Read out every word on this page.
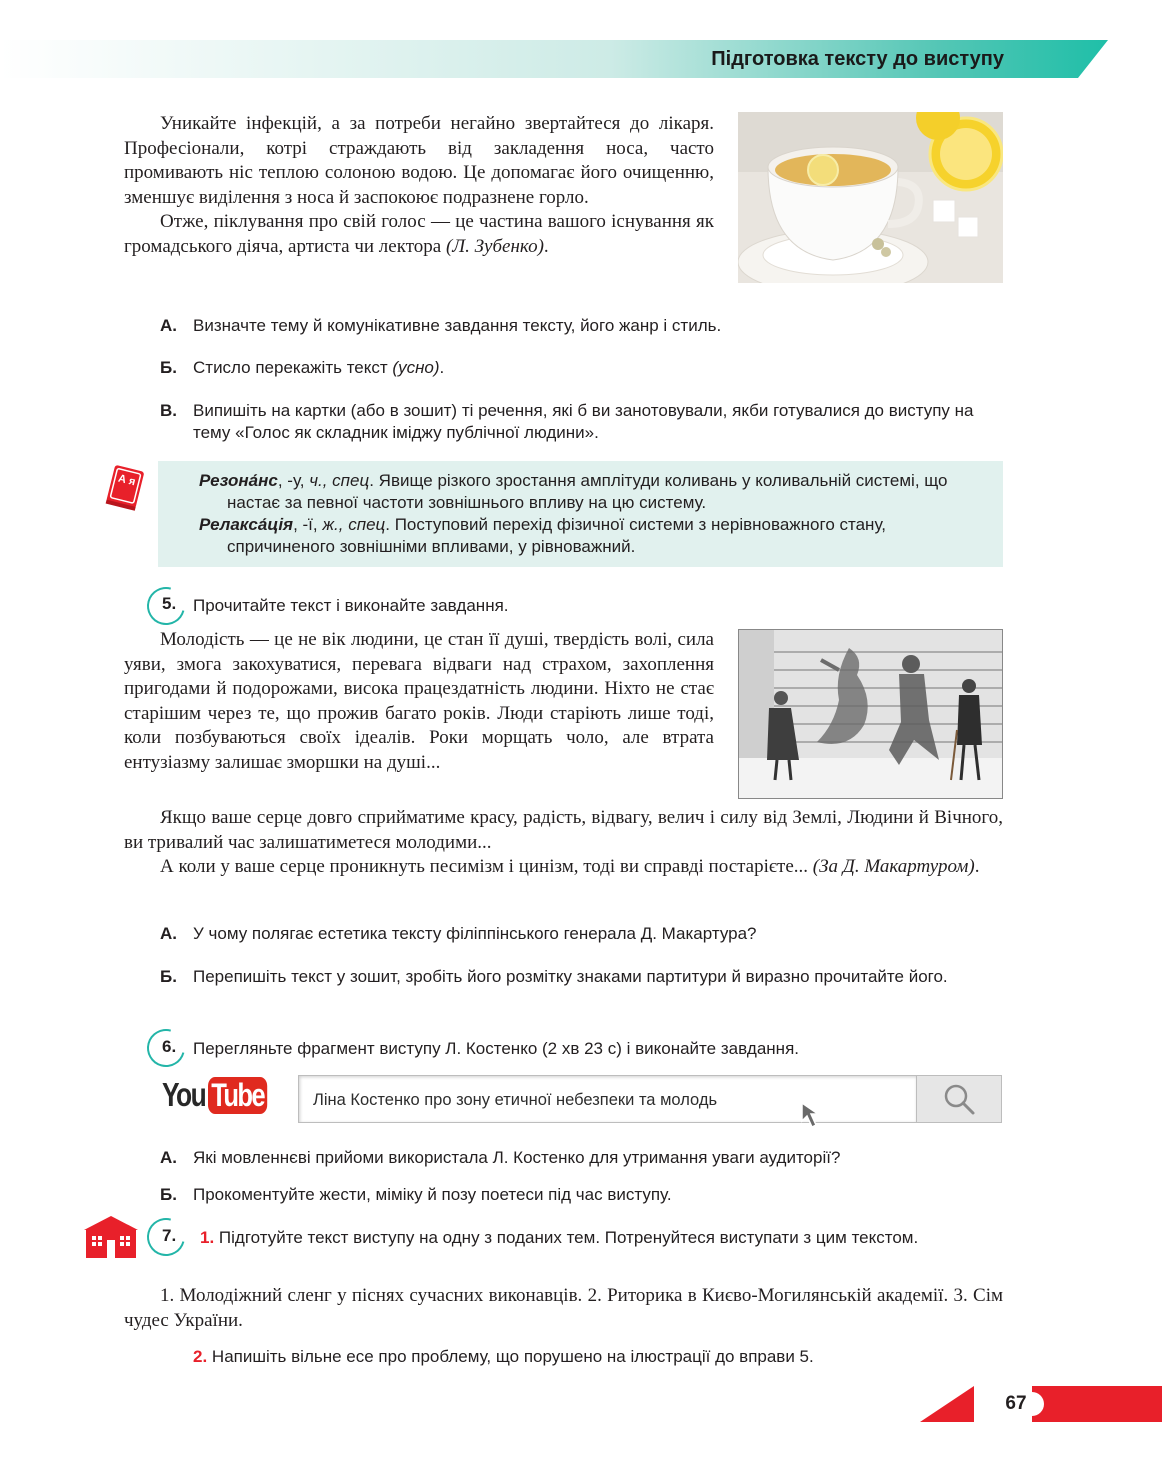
Підготовка тексту до виступу

Уникайте інфекцій, а за потреби негайно звертайтеся до лікаря. Професіонали, котрі страждають від закладення носа, часто промивають ніс теплою солоною водою. Це допомагає його очищенню, зменшує виділення з носа й заспокоює подразнене горло.

Отже, піклування про свій голос — це частина вашого існування як громадського діяча, артиста чи лектора (Л. Зубенко).

А. Визначте тему й комунікативне завдання тексту, його жанр і стиль.
Б. Стисло перекажіть текст (усно).
В. Випишіть на картки (або в зошит) ті речення, які б ви занотовували, якби готувалися до виступу на тему «Голос як складник іміджу публічної людини».
А я	Резона́нс, -у, ч., спец. Явище різкого зростання амплітуди коливань у коливальній системі, що настає за певної частоти зовнішнього впливу на цю систему.
Релакса́ція, -ї, ж., спец. Поступовий перехід фізичної системи з нерівноважного стану, спричиненого зовнішніми впливами, у рівноважний.
5. Прочитайте текст і виконайте завдання.

Молодість — це не вік людини, це стан її душі, твердість волі, сила уяви, змога закохуватися, перевага відваги над страхом, захоплення пригодами й подорожами, висока працездатність людини. Ніхто не стає старішим через те, що прожив багато років. Люди старіють лише тоді, коли позбуваються своїх ідеалів. Роки морщать чоло, але втрата ентузіазму залишає зморшки на душі...

Якщо ваше серце довго сприйматиме красу, радість, відвагу, велич і силу від Землі, Людини й Вічного, ви тривалий час залишатиметеся молодими...

А коли у ваше серце проникнуть песимізм і цинізм, тоді ви справді постарієте... (За Д. Макартуром).

А. У чому полягає естетика тексту філіппінського генерала Д. Макартура?
Б. Перепишіть текст у зошит, зробіть його розмітку знаками партитури й виразно прочитайте його.
6. Перегляньте фрагмент виступу Л. Костенко (2 хв 23 с) і виконайте завдання.
You Tube	Ліна Костенко про зону етичної небезпеки та молодь
А. Які мовленнєві прийоми використала Л. Костенко для утримання уваги аудиторії?
Б. Прокоментуйте жести, міміку й позу поетеси під час виступу.
7. 1. Підготуйте текст виступу на одну з поданих тем. Потренуйтеся виступати з цим текстом.

1. Молодіжний сленг у піснях сучасних виконавців. 2. Риторика в Києво-Могилянській академії. 3. Сім чудес України.

2. Напишіть вільне есе про проблему, що порушено на ілюстрації до вправи 5.
67
